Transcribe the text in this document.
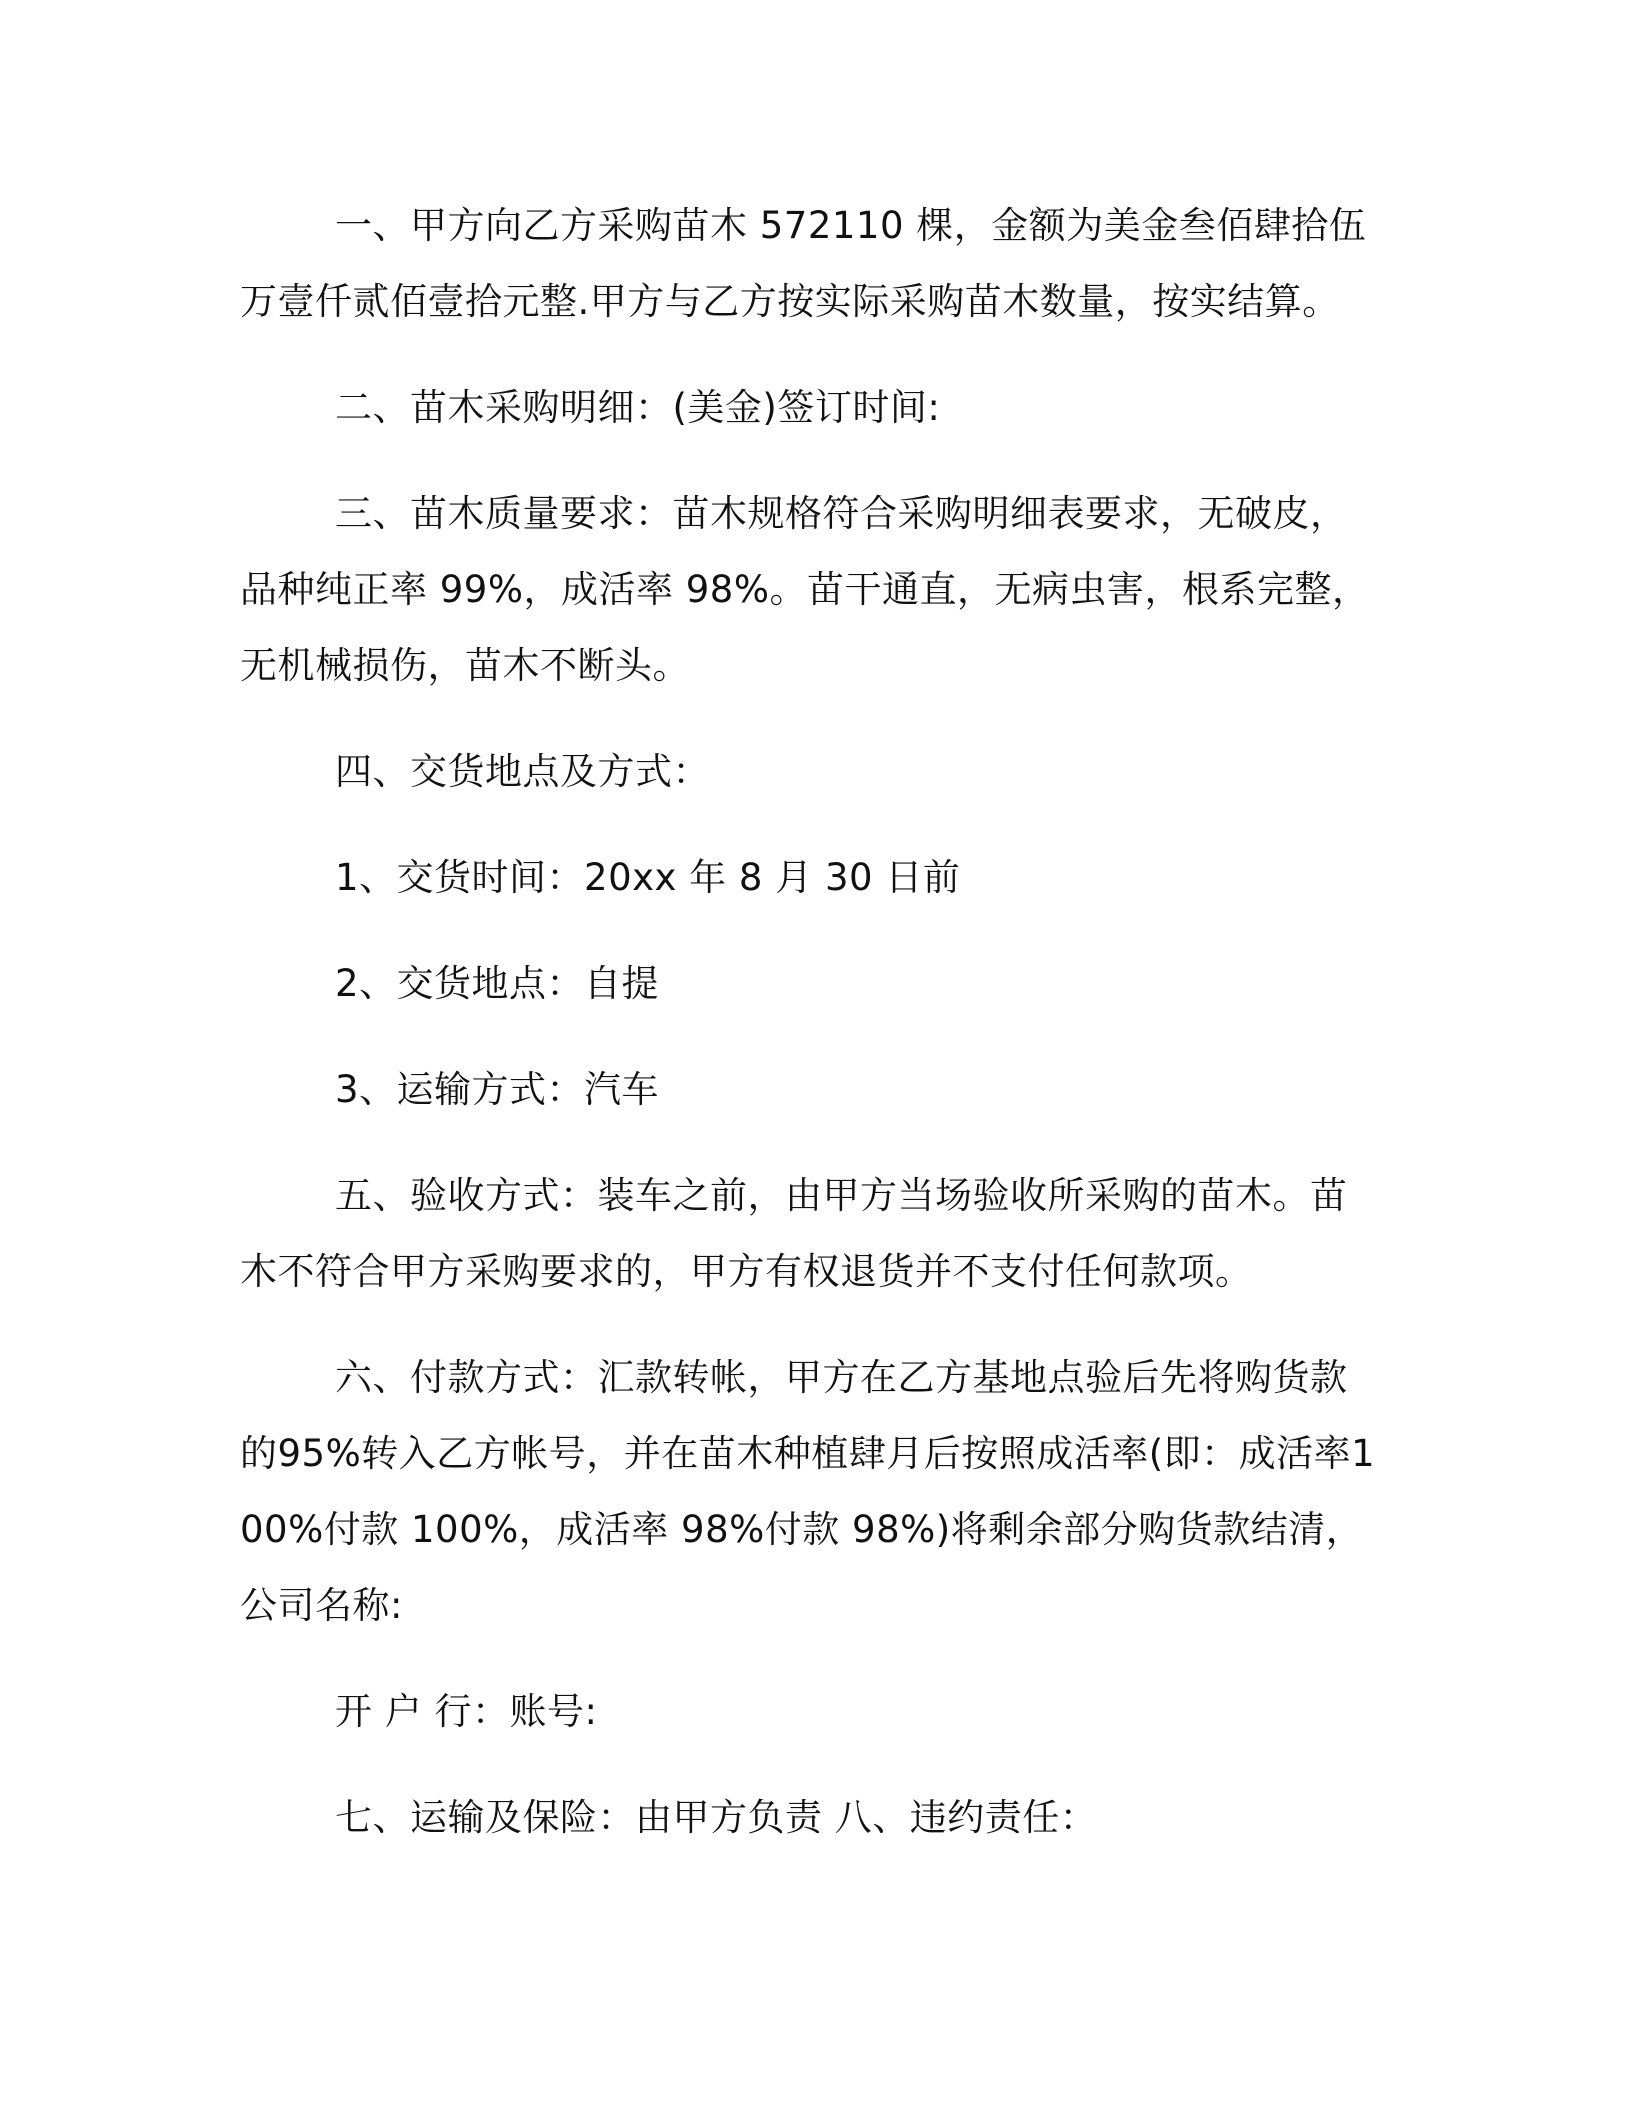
一、甲方向乙方采购苗木 572110 棵，金额为美金叁佰肆拾伍万壹仟贰佰壹拾元整.甲方与乙方按实际采购苗木数量，按实结算。

二、苗木采购明细：(美金)签订时间:

三、苗木质量要求：苗木规格符合采购明细表要求，无破皮，品种纯正率 99%，成活率 98%。苗干通直，无病虫害，根系完整，无机械损伤，苗木不断头。

四、交货地点及方式：

1、交货时间：20xx 年 8 月 30 日前

2、交货地点：自提

3、运输方式：汽车

五、验收方式：装车之前，由甲方当场验收所采购的苗木。苗木不符合甲方采购要求的，甲方有权退货并不支付任何款项。

六、付款方式：汇款转帐，甲方在乙方基地点验后先将购货款的95%转入乙方帐号，并在苗木种植肆月后按照成活率(即：成活率100%付款 100%，成活率 98%付款 98%)将剩余部分购货款结清，公司名称:

开 户 行：账号:

七、运输及保险：由甲方负责 八、违约责任：
